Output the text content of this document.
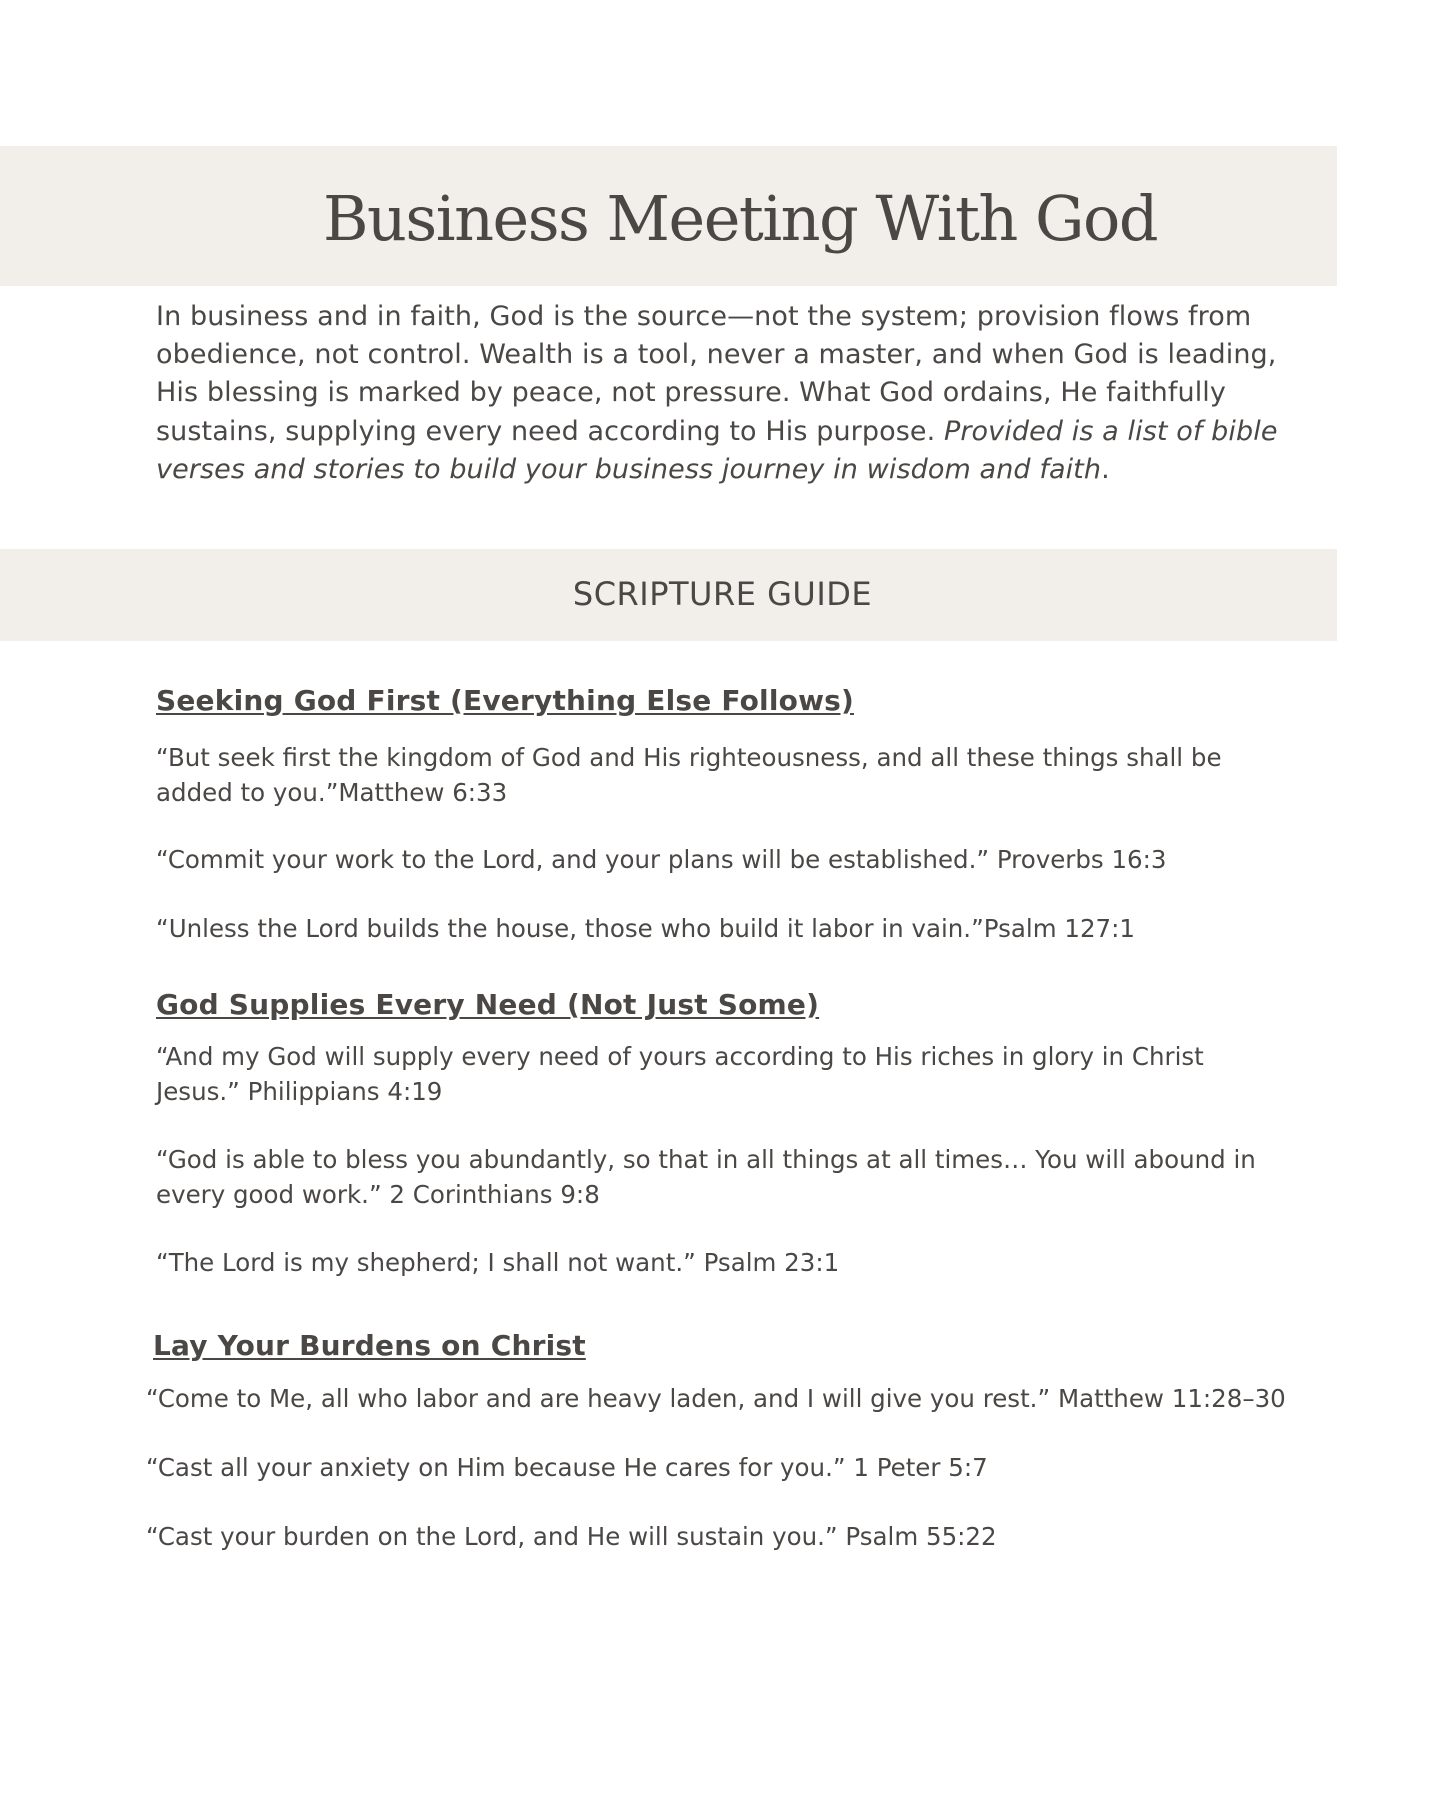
Business Meeting With God

In business and in faith, God is the source—not the system; provision flows from obedience, not control. Wealth is a tool, never a master, and when God is leading, His blessing is marked by peace, not pressure. What God ordains, He faithfully sustains, supplying every need according to His purpose. Provided is a list of bible verses and stories to build your business journey in wisdom and faith.

SCRIPTURE GUIDE
Seeking God First (Everything Else Follows)

“But seek first the kingdom of God and His righteousness, and all these things shall be added to you.”Matthew 6:33

“Commit your work to the Lord, and your plans will be established.” Proverbs 16:3

“Unless the Lord builds the house, those who build it labor in vain.”Psalm 127:1

God Supplies Every Need (Not Just Some)

“And my God will supply every need of yours according to His riches in glory in Christ Jesus.” Philippians 4:19

“God is able to bless you abundantly, so that in all things at all times… You will abound in every good work.” 2 Corinthians 9:8

“The Lord is my shepherd; I shall not want.” Psalm 23:1

Lay Your Burdens on Christ

“Come to Me, all who labor and are heavy laden, and I will give you rest.” Matthew 11:28–30

“Cast all your anxiety on Him because He cares for you.” 1 Peter 5:7

“Cast your burden on the Lord, and He will sustain you.” Psalm 55:22
